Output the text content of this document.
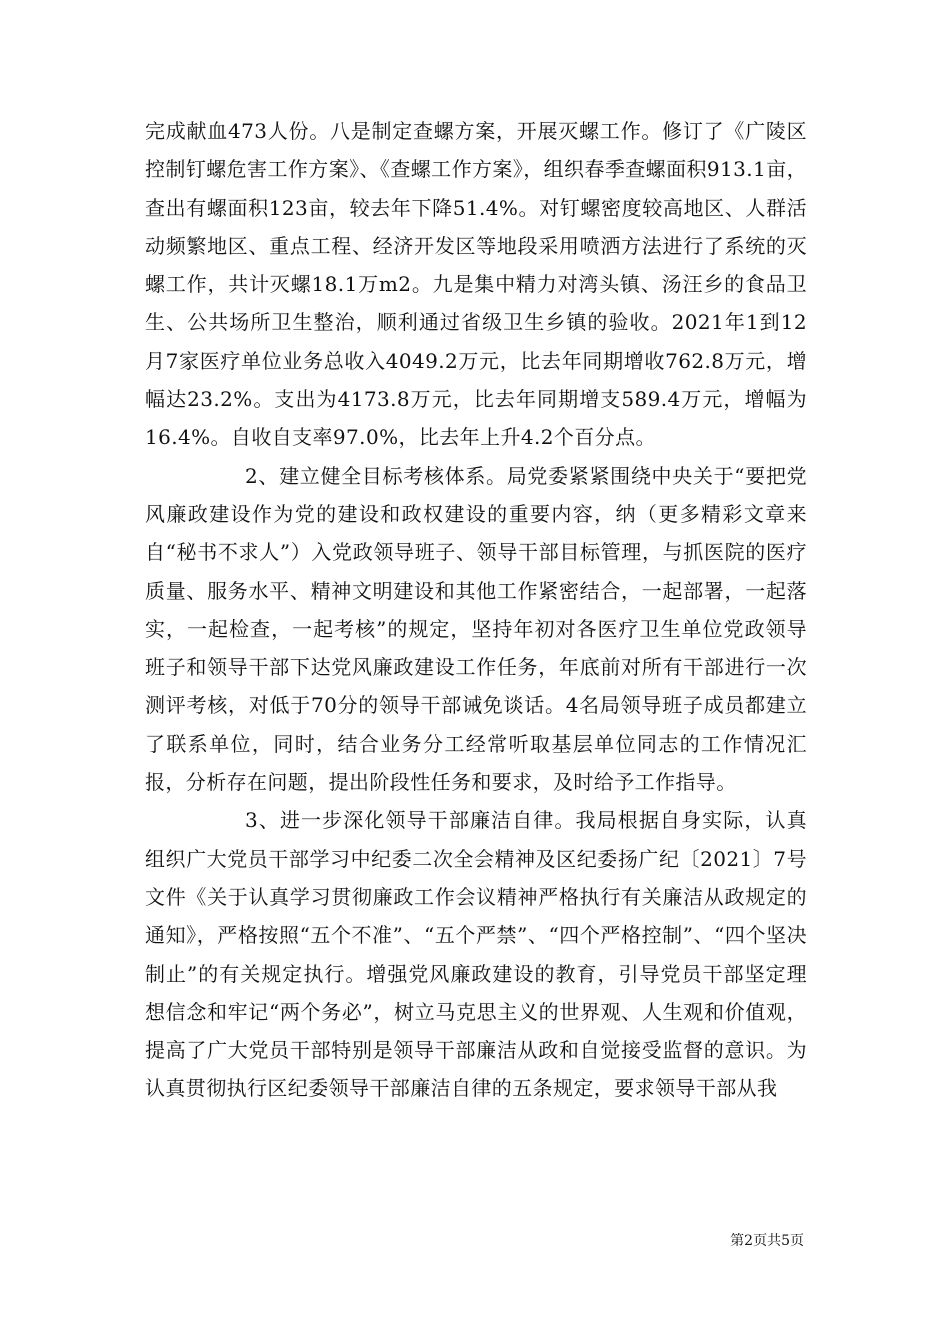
完成献血473人份。八是制定查螺方案，开展灭螺工作。修订了《广陵区控制钉螺危害工作方案》、《查螺工作方案》，组织春季查螺面积913.1亩，查出有螺面积123亩，较去年下降51.4%。对钉螺密度较高地区、人群活动频繁地区、重点工程、经济开发区等地段采用喷洒方法进行了系统的灭螺工作，共计灭螺18.1万m2。九是集中精力对湾头镇、汤汪乡的食品卫生、公共场所卫生整治，顺利通过省级卫生乡镇的验收。2021年1到12月7家医疗单位业务总收入4049.2万元，比去年同期增收762.8万元，增幅达23.2%。支出为4173.8万元，比去年同期增支589.4万元，增幅为16.4%。自收自支率97.0%，比去年上升4.2个百分点。

2、建立健全目标考核体系。局党委紧紧围绕中央关于“要把党风廉政建设作为党的建设和政权建设的重要内容，纳（更多精彩文章来自“秘书不求人”）入党政领导班子、领导干部目标管理，与抓医院的医疗质量、服务水平、精神文明建设和其他工作紧密结合，一起部署，一起落实，一起检查，一起考核”的规定，坚持年初对各医疗卫生单位党政领导班子和领导干部下达党风廉政建设工作任务，年底前对所有干部进行一次测评考核，对低于70分的领导干部诫免谈话。4名局领导班子成员都建立了联系单位，同时，结合业务分工经常听取基层单位同志的工作情况汇报，分析存在问题，提出阶段性任务和要求，及时给予工作指导。

3、进一步深化领导干部廉洁自律。我局根据自身实际，认真组织广大党员干部学习中纪委二次全会精神及区纪委扬广纪〔2021〕7号文件《关于认真学习贯彻廉政工作会议精神严格执行有关廉洁从政规定的通知》，严格按照“五个不准”、“五个严禁”、“四个严格控制”、“四个坚决制止”的有关规定执行。增强党风廉政建设的教育，引导党员干部坚定理想信念和牢记“两个务必”，树立马克思主义的世界观、人生观和价值观，提高了广大党员干部特别是领导干部廉洁从政和自觉接受监督的意识。为认真贯彻执行区纪委领导干部廉洁自律的五条规定，要求领导干部从我

第2页共5页
